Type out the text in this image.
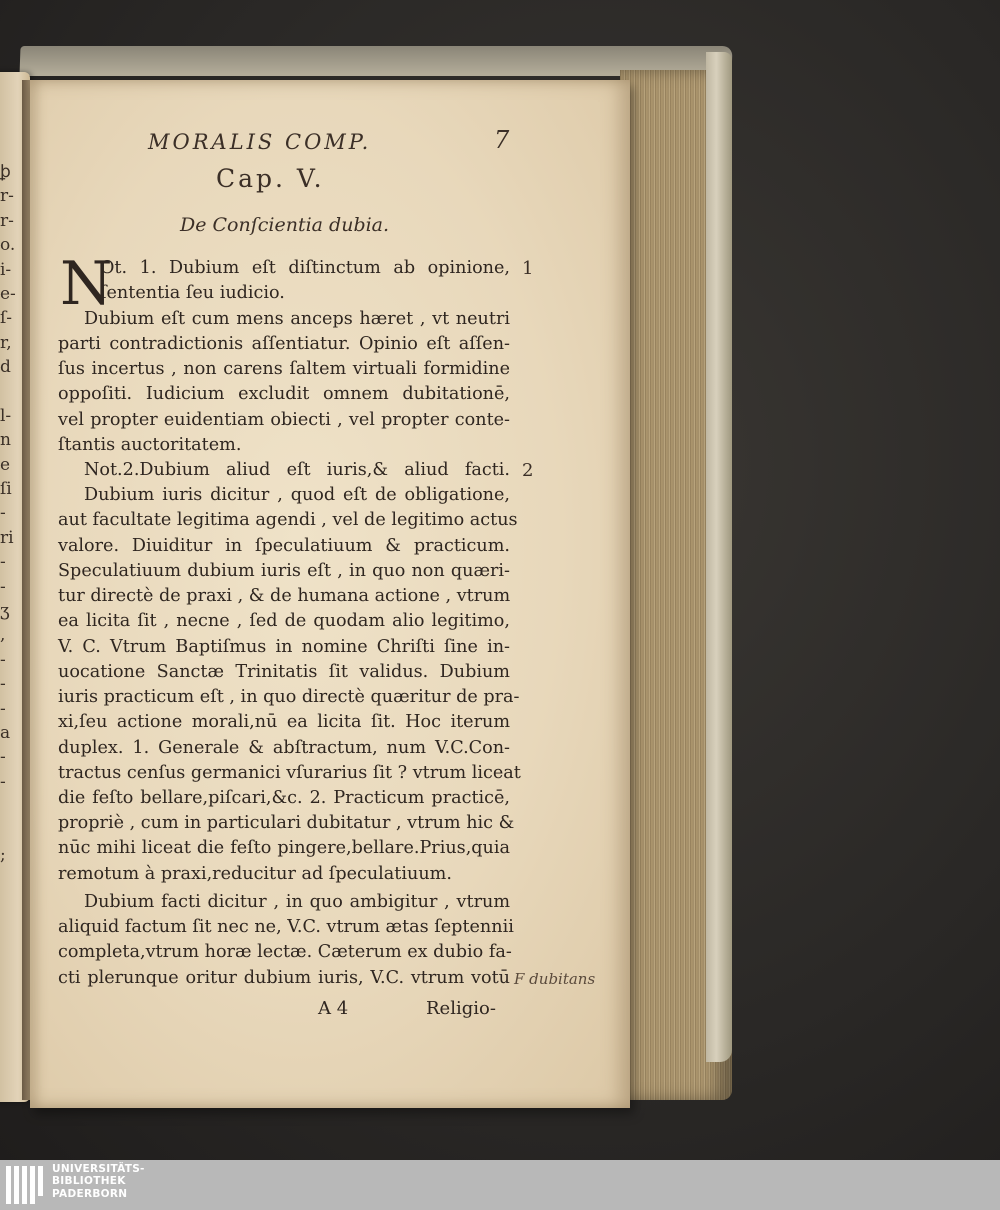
ꝧ
r-
r-
o.
i-
e-
ſ-
r,
d
l-
n
e
ſi
-
ri
-
-
ʒ
,
-
-
-
a
-
-
;
MORALIS COMP.	7
Cap. V.
De Conſcientia dubia.
N
Ot. 1. Dubium eſt diſtinctum ab opinione,
ſententia ſeu iudicio.
Dubium eſt cum mens anceps hæret , vt neutri
parti contradictionis aſſentiatur. Opinio eſt aſſen-
ſus incertus , non carens ſaltem virtuali formidine
oppoſiti. Iudicium excludit omnem dubitationē,
vel propter euidentiam obiecti , vel propter conte-
ſtantis auctoritatem.
Not.2.Dubium aliud eſt iuris,& aliud facti.
Dubium iuris dicitur , quod eſt de obligatione,
aut facultate legitima agendi , vel de legitimo actus
valore. Diuiditur in ſpeculatiuum & practicum.
Speculatiuum dubium iuris eſt , in quo non quæri-
tur directè de praxi , & de humana actione , vtrum
ea licita ſit , necne , ſed de quodam alio legitimo,
V. C. Vtrum Baptiſmus in nomine Chriſti ſine in-
uocatione Sanctæ Trinitatis ſit validus. Dubium
iuris practicum eſt , in quo directè quæritur de pra-
xi,ſeu actione morali,nū ea licita ſit. Hoc iterum
duplex. 1. Generale & abſtractum, num V.C.Con-
tractus cenſus germanici vſurarius ſit ? vtrum liceat
die feſto bellare,piſcari,&c. 2. Practicum practicē,
propriè , cum in particulari dubitatur , vtrum hic &
nūc mihi liceat die feſto pingere,bellare.Prius,quia
remotum à praxi,reducitur ad ſpeculatiuum.
Dubium facti dicitur , in quo ambigitur , vtrum
aliquid factum ſit nec ne, V.C. vtrum ætas ſeptennii
completa,vtrum horæ lectæ. Cæterum ex dubio fa-
cti plerunque oritur dubium iuris, V.C. vtrum votū
1
2
F dubitans
A 4	Religio-
UNIVERSITÄTS-
BIBLIOTHEK
PADERBORN
